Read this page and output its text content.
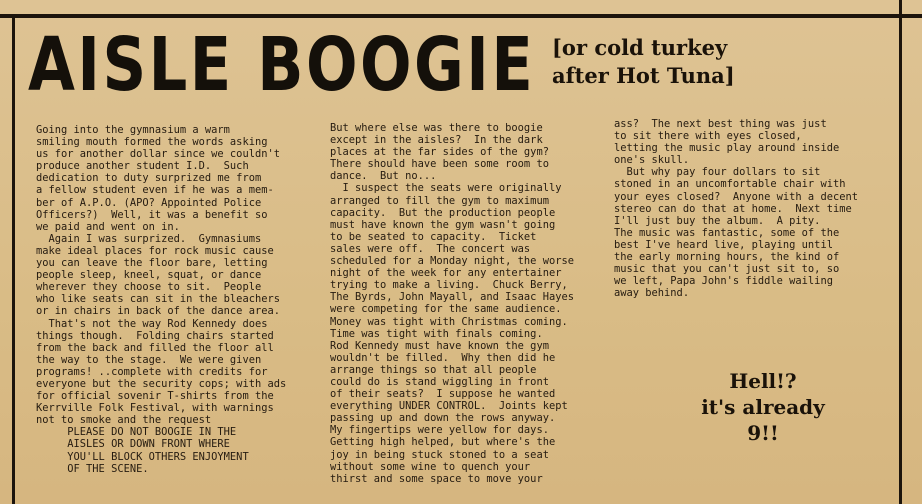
AISLE BOOGIE [or cold turkey

after Hot Tuna]
Going into the gymnasium a warm
smiling mouth formed the words asking
us for another dollar since we couldn't
produce another student I.D.  Such
dedication to duty surprized me from
a fellow student even if he was a mem-
ber of A.P.O. (APO? Appointed Police
Officers?)  Well, it was a benefit so
we paid and went on in.
Again I was surprized.  Gymnasiums
make ideal places for rock music cause
you can leave the floor bare, letting
people sleep, kneel, squat, or dance
wherever they choose to sit.  People
who like seats can sit in the bleachers
or in chairs in back of the dance area.
That's not the way Rod Kennedy does
things though.  Folding chairs started
from the back and filled the floor all
the way to the stage.  We were given
programs! ..complete with credits for
everyone but the security cops; with ads
for official sovenir T-shirts from the
Kerrville Folk Festival, with warnings
not to smoke and the request
PLEASE DO NOT BOOGIE IN THE
AISLES OR DOWN FRONT WHERE
YOU'LL BLOCK OTHERS ENJOYMENT
OF THE SCENE.
But where else was there to boogie
except in the aisles?  In the dark
places at the far sides of the gym?
There should have been some room to
dance.  But no...
I suspect the seats were originally
arranged to fill the gym to maximum
capacity.  But the production people
must have known the gym wasn't going
to be seated to capacity.  Ticket
sales were off.  The concert was
scheduled for a Monday night, the worse
night of the week for any entertainer
trying to make a living.  Chuck Berry,
The Byrds, John Mayall, and Isaac Hayes
were competing for the same audience.
Money was tight with Christmas coming.
Time was tight with finals coming.
Rod Kennedy must have known the gym
wouldn't be filled.  Why then did he
arrange things so that all people
could do is stand wiggling in front
of their seats?  I suppose he wanted
everything UNDER CONTROL.  Joints kept
passing up and down the rows anyway.
My fingertips were yellow for days.
Getting high helped, but where's the
joy in being stuck stoned to a seat
without some wine to quench your
thirst and some space to move your
ass?  The next best thing was just
to sit there with eyes closed,
letting the music play around inside
one's skull.
But why pay four dollars to sit
stoned in an uncomfortable chair with
your eyes closed?  Anyone with a decent
stereo can do that at home.  Next time
I'll just buy the album.  A pity.
The music was fantastic, some of the
best I've heard live, playing until
the early morning hours, the kind of
music that you can't just sit to, so
we left, Papa John's fiddle wailing
away behind.
Hell!?
it's already
9!!
